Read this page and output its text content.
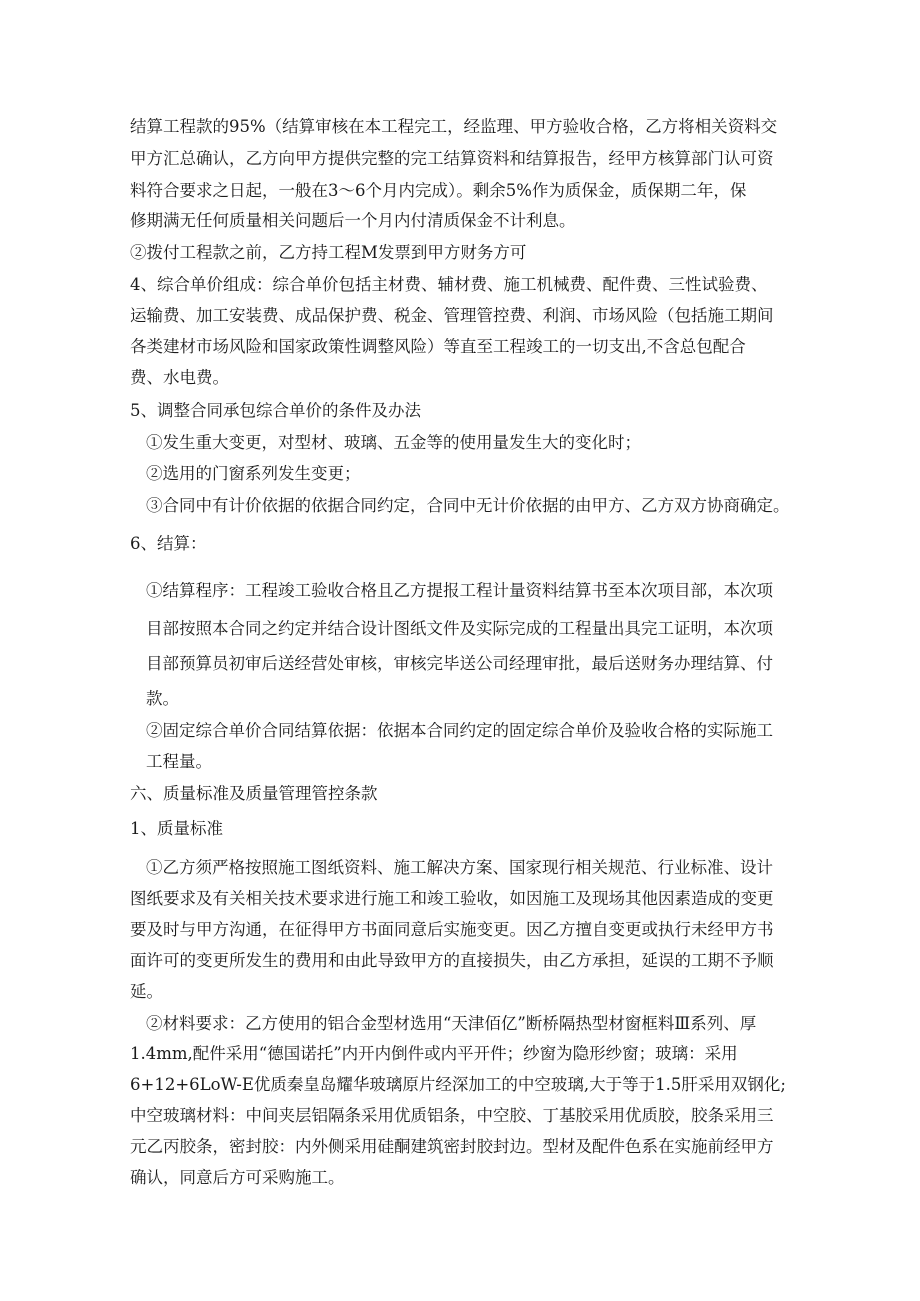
结算工程款的95%（结算审核在本工程完工，经监理、甲方验收合格，乙方将相关资料交
甲方汇总确认，乙方向甲方提供完整的完工结算资料和结算报告，经甲方核算部门认可资
料符合要求之日起，一般在3～6个月内完成）。剩余5%作为质保金，质保期二年，保
修期满无任何质量相关问题后一个月内付清质保金不计利息。
②拨付工程款之前，乙方持工程M发票到甲方财务方可
4、综合单价组成：综合单价包括主材费、辅材费、施工机械费、配件费、三性试验费、
运输费、加工安装费、成品保护费、税金、管理管控费、利润、市场风险（包括施工期间
各类建材市场风险和国家政策性调整风险）等直至工程竣工的一切支出,不含总包配合
费、水电费。
5、调整合同承包综合单价的条件及办法
①发生重大变更，对型材、玻璃、五金等的使用量发生大的变化时；
②选用的门窗系列发生变更；
③合同中有计价依据的依据合同约定，合同中无计价依据的由甲方、乙方双方协商确定。
6、结算：
①结算程序：工程竣工验收合格且乙方提报工程计量资料结算书至本次项目部，本次项
目部按照本合同之约定并结合设计图纸文件及实际完成的工程量出具完工证明，本次项
目部预算员初审后送经营处审核，审核完毕送公司经理审批，最后送财务办理结算、付
款。
②固定综合单价合同结算依据：依据本合同约定的固定综合单价及验收合格的实际施工
工程量。
六、质量标准及质量管理管控条款
1、质量标准
①乙方须严格按照施工图纸资料、施工解决方案、国家现行相关规范、行业标准、设计
图纸要求及有关相关技术要求进行施工和竣工验收，如因施工及现场其他因素造成的变更
要及时与甲方沟通，在征得甲方书面同意后实施变更。因乙方擅自变更或执行未经甲方书
面许可的变更所发生的费用和由此导致甲方的直接损失，由乙方承担，延误的工期不予顺
延。
②材料要求：乙方使用的铝合金型材选用“天津佰亿”断桥隔热型材窗框料Ⅲ系列、厚
1.4mm,配件采用“德国诺托”内开内倒件或内平开件；纱窗为隐形纱窗；玻璃：采用
6+12+6LoW-E优质秦皇岛耀华玻璃原片经深加工的中空玻璃,大于等于1.5肝采用双钢化;
中空玻璃材料：中间夹层铝隔条采用优质铝条，中空胶、丁基胶采用优质胶，胶条采用三
元乙丙胶条，密封胶：内外侧采用硅酮建筑密封胶封边。型材及配件色系在实施前经甲方
确认，同意后方可采购施工。
